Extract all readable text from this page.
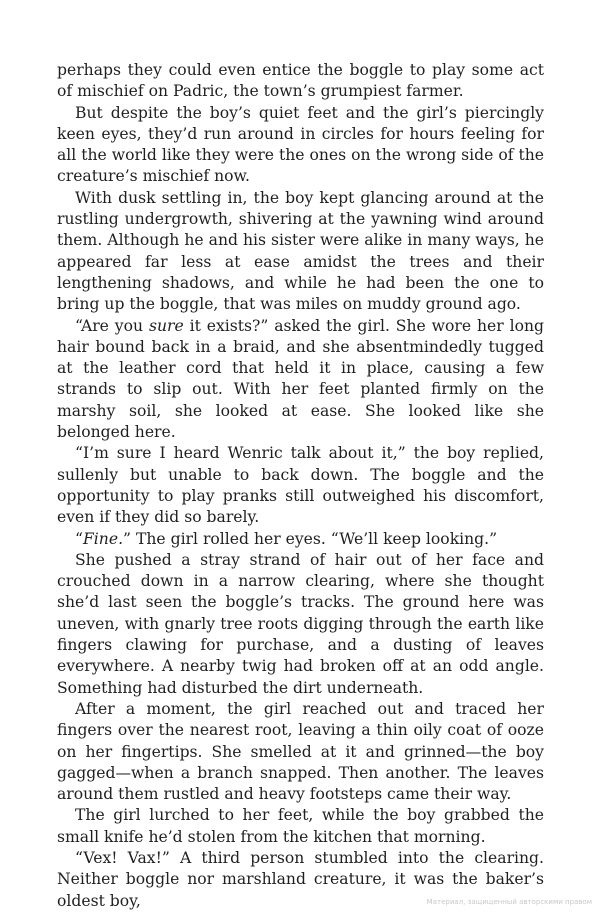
perhaps they could even entice the boggle to play some act of mischief on Padric, the town’s grumpiest farmer.

But despite the boy’s quiet feet and the girl’s piercingly keen eyes, they’d run around in circles for hours feeling for all the world like they were the ones on the wrong side of the creature’s mischief now.

With dusk settling in, the boy kept glancing around at the rustling undergrowth, shivering at the yawning wind around them. Although he and his sister were alike in many ways, he appeared far less at ease amidst the trees and their lengthening shadows, and while he had been the one to bring up the boggle, that was miles on muddy ground ago.

“Are you sure it exists?” asked the girl. She wore her long hair bound back in a braid, and she absentmindedly tugged at the leather cord that held it in place, causing a few strands to slip out. With her feet planted firmly on the marshy soil, she looked at ease. She looked like she belonged here.

“I’m sure I heard Wenric talk about it,” the boy replied, sullenly but unable to back down. The boggle and the opportunity to play pranks still outweighed his discomfort, even if they did so barely.

“Fine.” The girl rolled her eyes. “We’ll keep looking.”

She pushed a stray strand of hair out of her face and crouched down in a narrow clearing, where she thought she’d last seen the boggle’s tracks. The ground here was uneven, with gnarly tree roots digging through the earth like fingers clawing for purchase, and a dusting of leaves everywhere. A nearby twig had broken off at an odd angle. Something had disturbed the dirt underneath.

After a moment, the girl reached out and traced her fingers over the nearest root, leaving a thin oily coat of ooze on her fingertips. She smelled at it and grinned—the boy gagged—when a branch snapped. Then another. The leaves around them rustled and heavy footsteps came their way.

The girl lurched to her feet, while the boy grabbed the small knife he’d stolen from the kitchen that morning.

“Vex! Vax!” A third person stumbled into the clearing. Neither boggle nor marshland creature, it was the baker’s oldest boy,	Материал, защищенный авторскими правом
